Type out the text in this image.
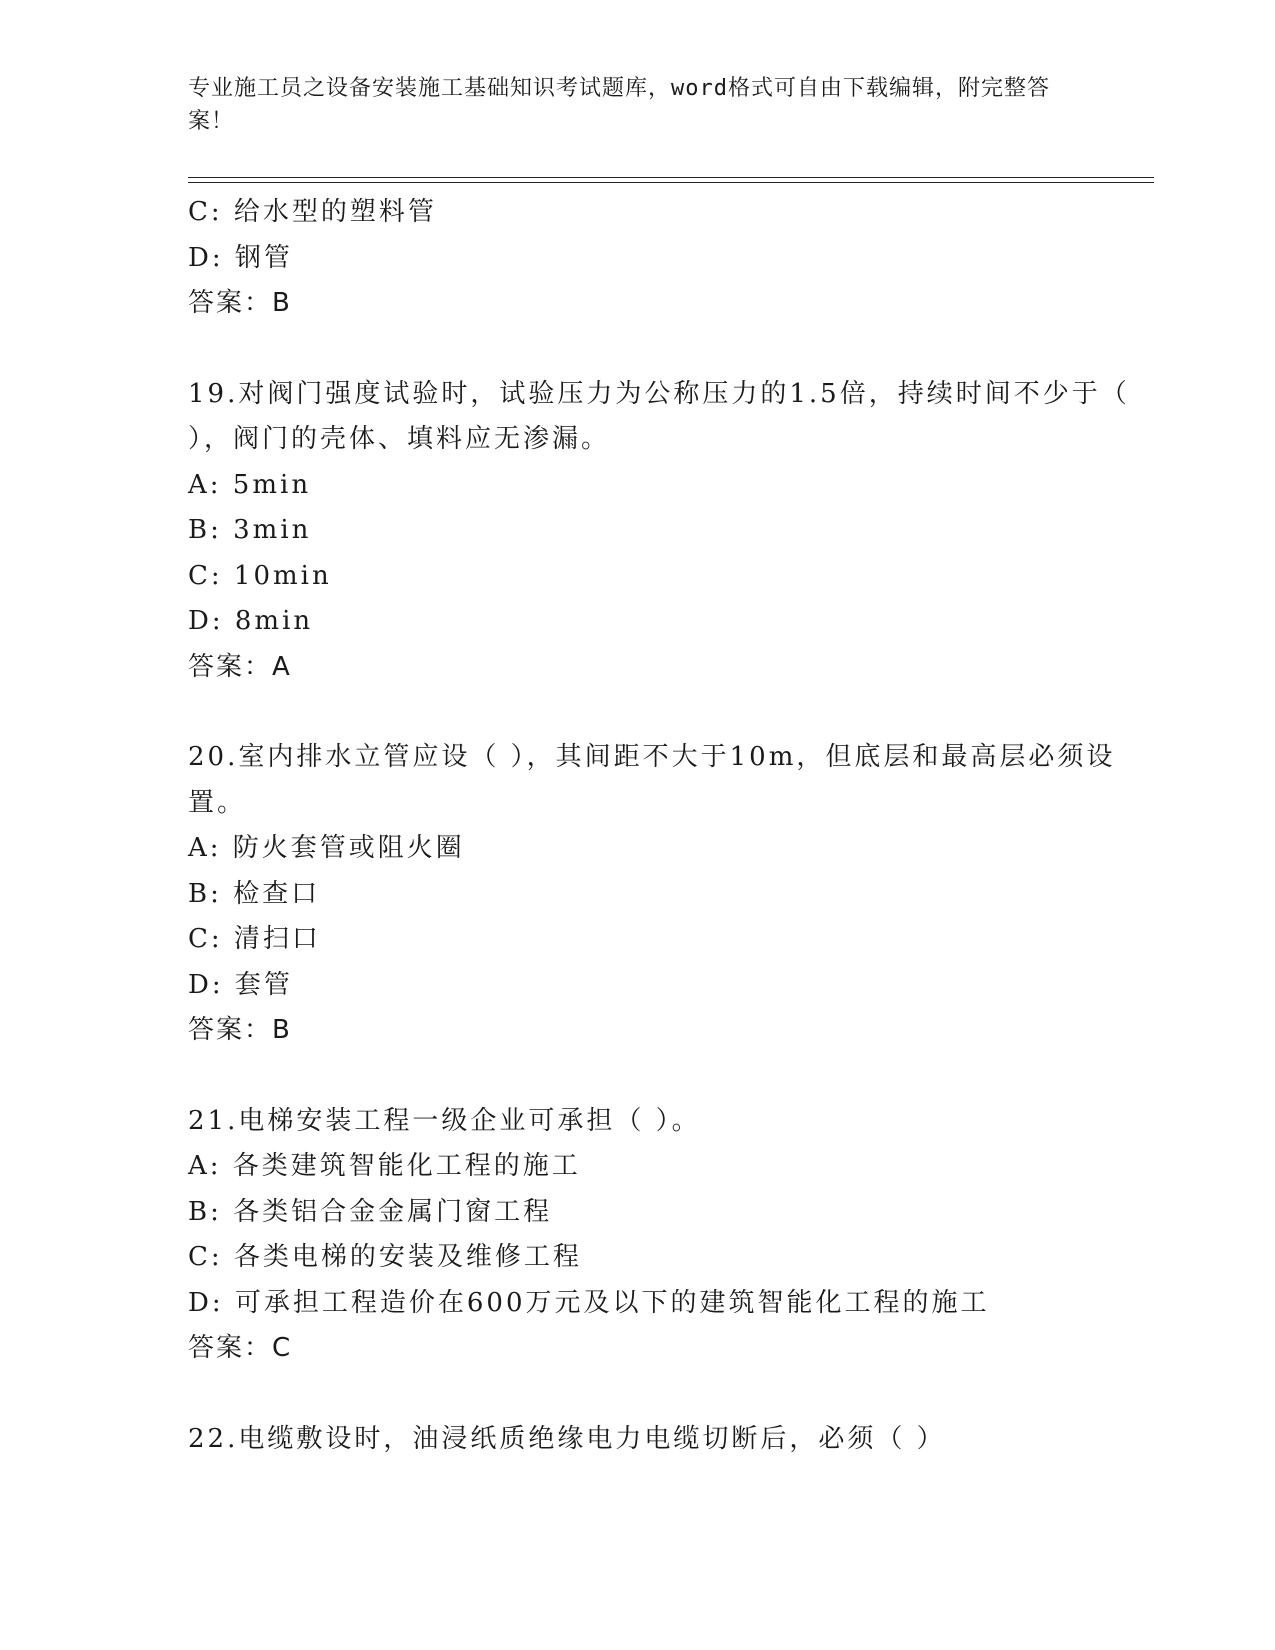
专业施工员之设备安装施工基础知识考试题库，word格式可自由下载编辑，附完整答案！
C: 给水型的塑料管
D: 钢管
答案：B
19.对阀门强度试验时，试验压力为公称压力的1.5倍，持续时间不少于（ ），阀门的壳体、填料应无渗漏。
A: 5min
B: 3min
C: 10min
D: 8min
答案：A
20.室内排水立管应设（ ），其间距不大于10m，但底层和最高层必须设置。
A: 防火套管或阻火圈
B: 检查口
C: 清扫口
D: 套管
答案：B
21.电梯安装工程一级企业可承担（ ）。
A: 各类建筑智能化工程的施工
B: 各类铝合金金属门窗工程
C: 各类电梯的安装及维修工程
D: 可承担工程造价在600万元及以下的建筑智能化工程的施工
答案：C
22.电缆敷设时，油浸纸质绝缘电力电缆切断后，必须（ ）
